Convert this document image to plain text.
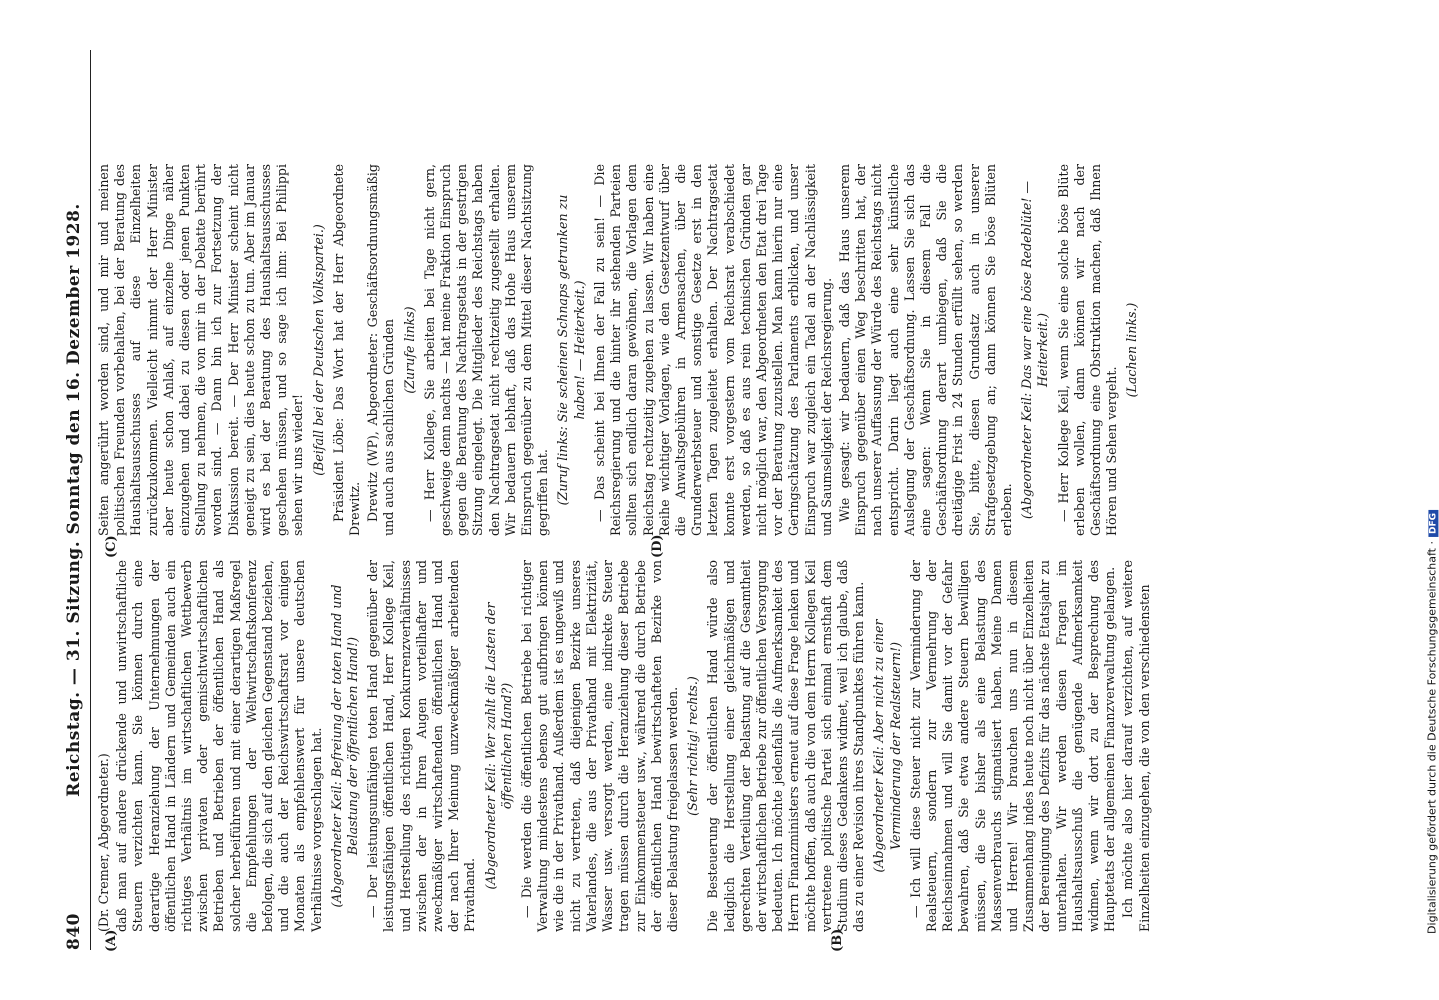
840
Reichstag. — 31. Sitzung. Sonntag den 16. Dezember 1928.
(A)	(B)
(C)	(D)

(Dr. Cremer, Abgeordneter.) daß man auf andere drückende und unwirtschaftliche Steuern verzichten kann. Sie können durch eine derartige Heranziehung der Unternehmungen der öffentlichen Hand in Ländern und Gemeinden auch ein richtiges Verhältnis im wirtschaftlichen Wettbewerb zwischen privaten oder gemischtwirtschaftlichen Betrieben und Betrieben der öffentlichen Hand als solcher herbeiführen und mit einer derartigen Maßregel die Empfehlungen der Weltwirtschaftskonferenz befolgen, die sich auf den gleichen Gegenstand beziehen, und die auch der Reichswirtschaftsrat vor einigen Monaten als empfehlenswert für unsere deutschen Verhältnisse vorgeschlagen hat. (Abgeordneter Keil: Befreiung der toten Hand und Belastung der öffentlichen Hand!) — Der leistungsunfähigen toten Hand gegenüber der leistungsfähigen öffentlichen Hand, Herr Kollege Keil, und Herstellung des richtigen Konkurrenzverhältnisses zwischen der in Ihren Augen vorteilhafter und zweckmäßiger wirtschaftenden öffentlichen Hand und der nach Ihrer Meinung unzweckmäßiger arbeitenden Privathand.

(Abgeordneter Keil: Wer zahlt die Lasten der öffentlichen Hand?) — Die werden die öffentlichen Betriebe bei richtiger Verwaltung mindestens ebenso gut aufbringen können wie die in der Privathand. Außerdem ist es ungewiß und nicht zu vertreten, daß diejenigen Bezirke unseres Vaterlandes, die aus der Privathand mit Elektrizität, Wasser usw. versorgt werden, eine indirekte Steuer tragen müssen durch die Heranziehung dieser Betriebe zur Einkommensteuer usw., während die durch Betriebe der öffentlichen Hand bewirtschafteten Bezirke von dieser Belastung freigelassen werden. (Sehr richtig! rechts.) Die Besteuerung der öffentlichen Hand würde also lediglich die Herstellung einer gleichmäßigen und gerechten Verteilung der Belastung auf die Gesamtheit der wirtschaftlichen Betriebe zur öffentlichen Versorgung bedeuten. Ich möchte jedenfalls die Aufmerksamkeit des Herrn Finanzministers erneut auf diese Frage lenken und möchte hoffen, daß auch die von dem Herrn Kollegen Keil vertretene politische Partei sich einmal ernsthaft dem Studium dieses Gedankens widmet, weil ich glaube, daß das zu einer Revision ihres Standpunktes führen kann. (Abgeordneter Keil: Aber nicht zu einer Verminderung der Realsteuern!) — Ich will diese Steuer nicht zur Verminderung der Realsteuern, sondern zur Vermehrung der Reichseinnahmen und will Sie damit vor der Gefahr bewahren, daß Sie etwa andere Steuern bewilligen müssen, die Sie bisher als eine Belastung des Massenverbrauchs stigmatisiert haben. Meine Damen und Herren! Wir brauchen uns nun in diesem Zusammenhang indes heute noch nicht über Einzelheiten der Bereinigung des Defizits für das nächste Etatsjahr zu unterhalten. Wir werden diesen Fragen im Haushaltsausschuß die genügende Aufmerksamkeit widmen, wenn wir dort zu der Besprechung des Hauptetats der allgemeinen Finanzverwaltung gelangen. Ich möchte also hier darauf verzichten, auf weitere Einzelheiten einzugehen, die von den verschiedensten

Seiten angerührt worden sind, und mir und meinen politischen Freunden vorbehalten, bei der Beratung des Haushaltsausschusses auf diese Einzelheiten zurückzukommen. Vielleicht nimmt der Herr Minister aber heute schon Anlaß, auf einzelne Dinge näher einzugehen und dabei zu diesen oder jenen Punkten Stellung zu nehmen, die von mir in der Debatte berührt worden sind. — Dann bin ich zur Fortsetzung der Diskussion bereit. — Der Herr Minister scheint nicht geneigt zu sein, dies heute schon zu tun. Aber im Januar wird es bei der Beratung des Haushaltsausschusses geschehen müssen, und so sage ich ihm: Bei Philippi sehen wir uns wieder! (Beifall bei der Deutschen Volkspartei.) Präsident Löbe: Das Wort hat der Herr Abgeordnete Drewitz. Drewitz (WP), Abgeordneter: Geschäftsordnungsmäßig und auch aus sachlichen Gründen (Zurufe links) — Herr Kollege, Sie arbeiten bei Tage nicht gern, geschweige denn nachts — hat meine Fraktion Einspruch gegen die Beratung des Nachtragsetats in der gestrigen Sitzung eingelegt. Die Mitglieder des Reichstags haben den Nachtragsetat nicht rechtzeitig zugestellt erhalten. Wir bedauern lebhaft, daß das Hohe Haus unserem Einspruch gegenüber zu dem Mittel dieser Nachtsitzung gegriffen hat. (Zuruf links: Sie scheinen Schnaps getrunken zu haben! — Heiterkeit.) — Das scheint bei Ihnen der Fall zu sein! — Die Reichsregierung und die hinter ihr stehenden Parteien sollten sich endlich daran gewöhnen, die Vorlagen dem Reichstag rechtzeitig zugehen zu lassen. Wir haben eine Reihe wichtiger Vorlagen, wie den Gesetzentwurf über die Anwaltsgebühren in Armensachen, über die Grunderwerbsteuer und sonstige Gesetze erst in den letzten Tagen zugeleitet erhalten. Der Nachtragsetat konnte erst vorgestern vom Reichsrat verabschiedet werden, so daß es aus rein technischen Gründen gar nicht möglich war, den Abgeordneten den Etat drei Tage vor der Beratung zuzustellen. Man kann hierin nur eine Geringschätzung des Parlaments erblicken, und unser Einspruch war zugleich ein Tadel an der Nachlässigkeit und Saumseligkeit der Reichsregierung. Wie gesagt: wir bedauern, daß das Haus unserem Einspruch gegenüber einen Weg beschritten hat, der nach unserer Auffassung der Würde des Reichstags nicht entspricht. Darin liegt auch eine sehr künstliche Auslegung der Geschäftsordnung. Lassen Sie sich das eine sagen: Wenn Sie in diesem Fall die Geschäftsordnung derart umbiegen, daß Sie die dreitägige Frist in 24 Stunden erfüllt sehen, so werden Sie, bitte, diesen Grundsatz auch in unserer Strafgesetzgebung an; dann können Sie böse Blüten erleben. (Abgeordneter Keil: Das war eine böse Redeblüte! — Heiterkeit.) — Herr Kollege Keil, wenn Sie eine solche böse Blüte erleben wollen, dann können wir nach der Geschäftsordnung eine Obstruktion machen, daß Ihnen Hören und Sehen vergeht.

(Lachen links.)

Digitalisierung gefördert durch die Deutsche Forschungsgemeinschaft ·DFG
